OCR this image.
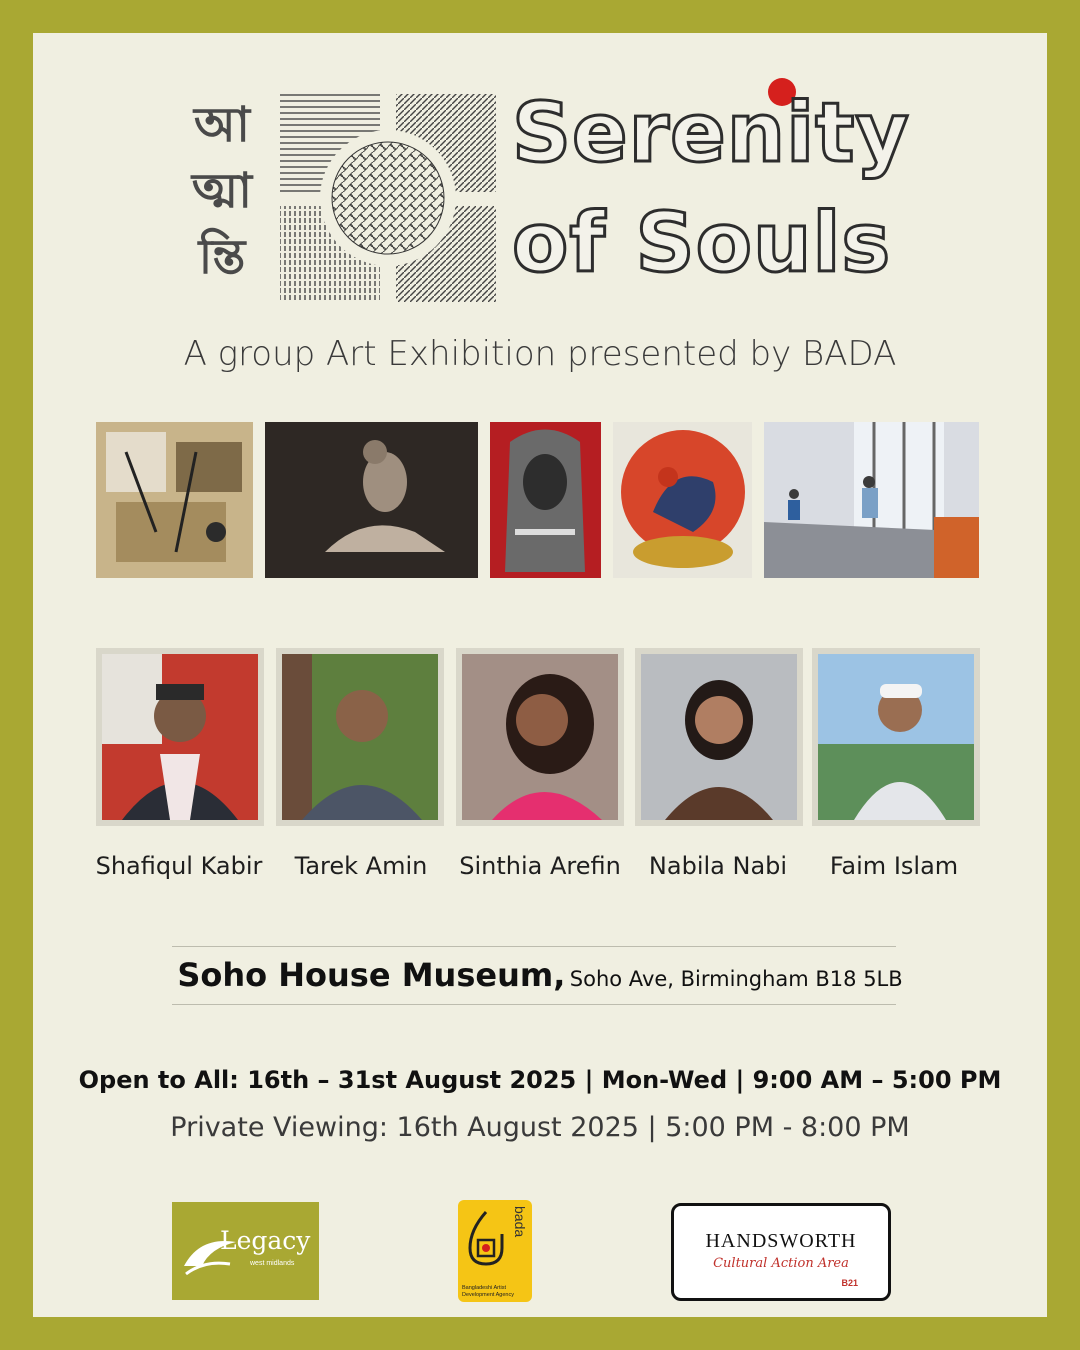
আ
ত্মা
ন্তি
Serenity
of Souls
A group Art Exhibition presented by BADA
Shafiqul Kabir	Tarek Amin	Sinthia Arefin	Nabila Nabi	Faim Islam
Soho House Museum, Soho Ave, Birmingham B18 5LB
Open to All: 16th – 31st August 2025 | Mon-Wed | 9:00 AM – 5:00 PM
Private Viewing: 16th August 2025 | 5:00 PM - 8:00 PM
Legacy
west midlands
bada
Bangladeshi Artist Development Agency
HANDSWORTH
Cultural Action Area
B21
